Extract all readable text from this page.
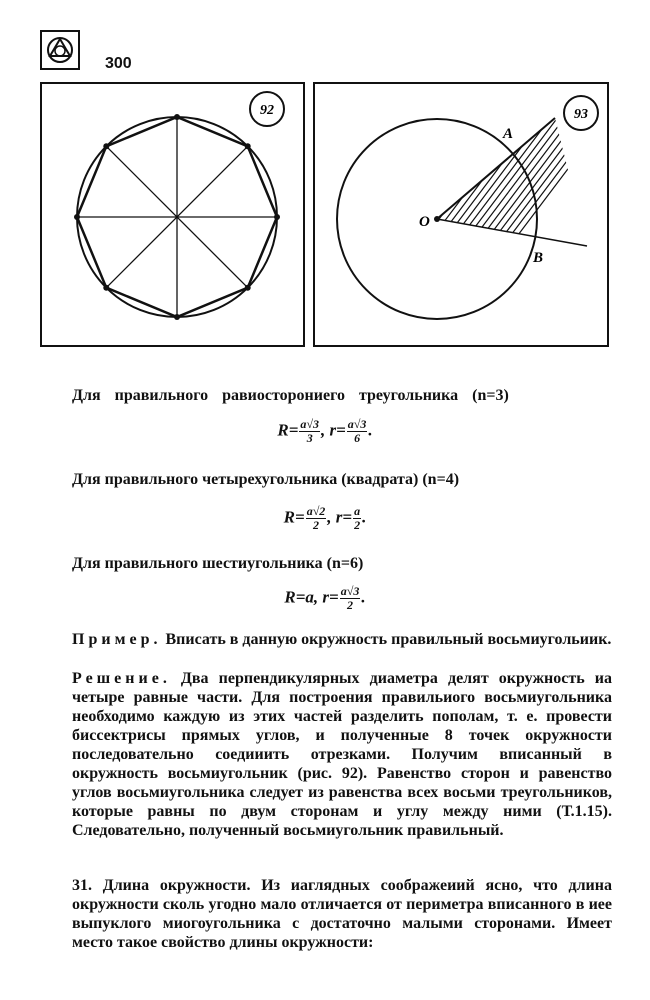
300
92
O
A
B
93
Для правильного равиосторониего треугольника (n=3)
$R= \frac{a√3}{3}$ , $r= \frac{a√3}{6}$ .
Для правильного четырехугольника (квадрата) (n=4)
$R= \frac{a√2}{2}$ , $r= \frac{a}{2}$ .
Для правильного шестиугольника (n=6)
R=a, $r= \frac{a√3}{2}$ .
Пример. Вписать в данную окружность правильный восьмиугольиик.
Решение. Два перпендикулярных диаметра делят окружность иа четыре равные части. Для построения правильиого восьмиугольника необходимо каждую из этих частей разделить пополам, т. е. провести биссектрисы прямых углов, и полученные 8 точек окружности последовательно соедииить отрезками. Получим вписанный в окружность восьмиугольник (рис. 92). Равенство сторон и равенство углов восьмиугольника следует из равенства всех восьми треугольников, которые равны по двум сторонам и углу между ними (Т.1.15). Следовательно, полученный восьмиугольник правильный.
31. Длина окружности. Из иаглядных соображеиий ясно, что длина окружности сколь угодно мало отличается от периметра вписанного в иее выпуклого миогоугольника с достаточно малыми сторонами. Имеет место такое свойство длины окружности:
